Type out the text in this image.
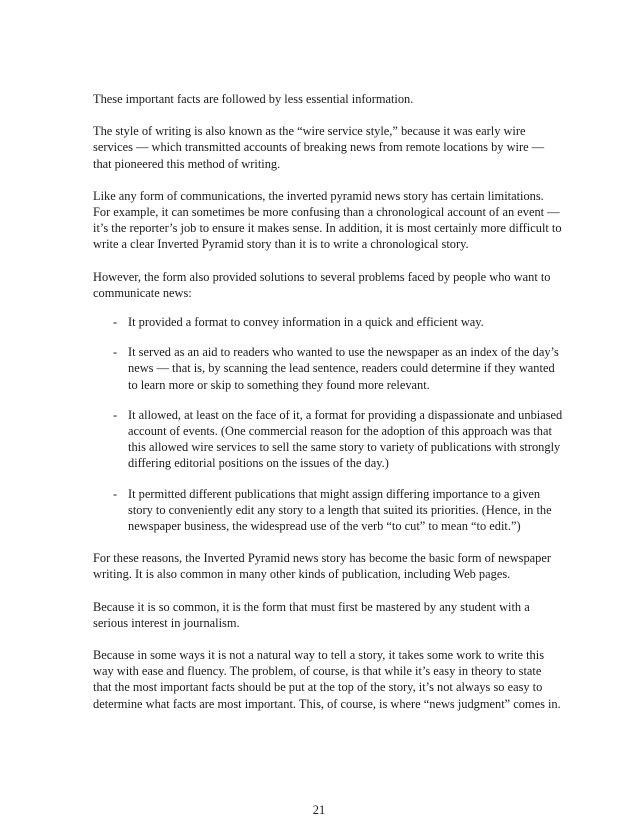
These important facts are followed by less essential information.

The style of writing is also known as the “wire service style,” because it was early wire services — which transmitted accounts of breaking news from remote locations by wire — that pioneered this method of writing.

Like any form of communications, the inverted pyramid news story has certain limitations. For example, it can sometimes be more confusing than a chronological account of an event — it’s the reporter’s job to ensure it makes sense. In addition, it is most certainly more difficult to write a clear Inverted Pyramid story than it is to write a chronological story.

However, the form also provided solutions to several problems faced by people who want to communicate news:

- It provided a format to convey information in a quick and efficient way.
- It served as an aid to readers who wanted to use the newspaper as an index of the day’s news — that is, by scanning the lead sentence, readers could determine if they wanted to learn more or skip to something they found more relevant.
- It allowed, at least on the face of it, a format for providing a dispassionate and unbiased account of events. (One commercial reason for the adoption of this approach was that this allowed wire services to sell the same story to variety of publications with strongly differing editorial positions on the issues of the day.)
- It permitted different publications that might assign differing importance to a given story to conveniently edit any story to a length that suited its priorities. (Hence, in the newspaper business, the widespread use of the verb “to cut” to mean “to edit.”)

For these reasons, the Inverted Pyramid news story has become the basic form of newspaper writing. It is also common in many other kinds of publication, including Web pages.

Because it is so common, it is the form that must first be mastered by any student with a serious interest in journalism.

Because in some ways it is not a natural way to tell a story, it takes some work to write this way with ease and fluency. The problem, of course, is that while it’s easy in theory to state that the most important facts should be put at the top of the story, it’s not always so easy to determine what facts are most important. This, of course, is where “news judgment” comes in.

21
